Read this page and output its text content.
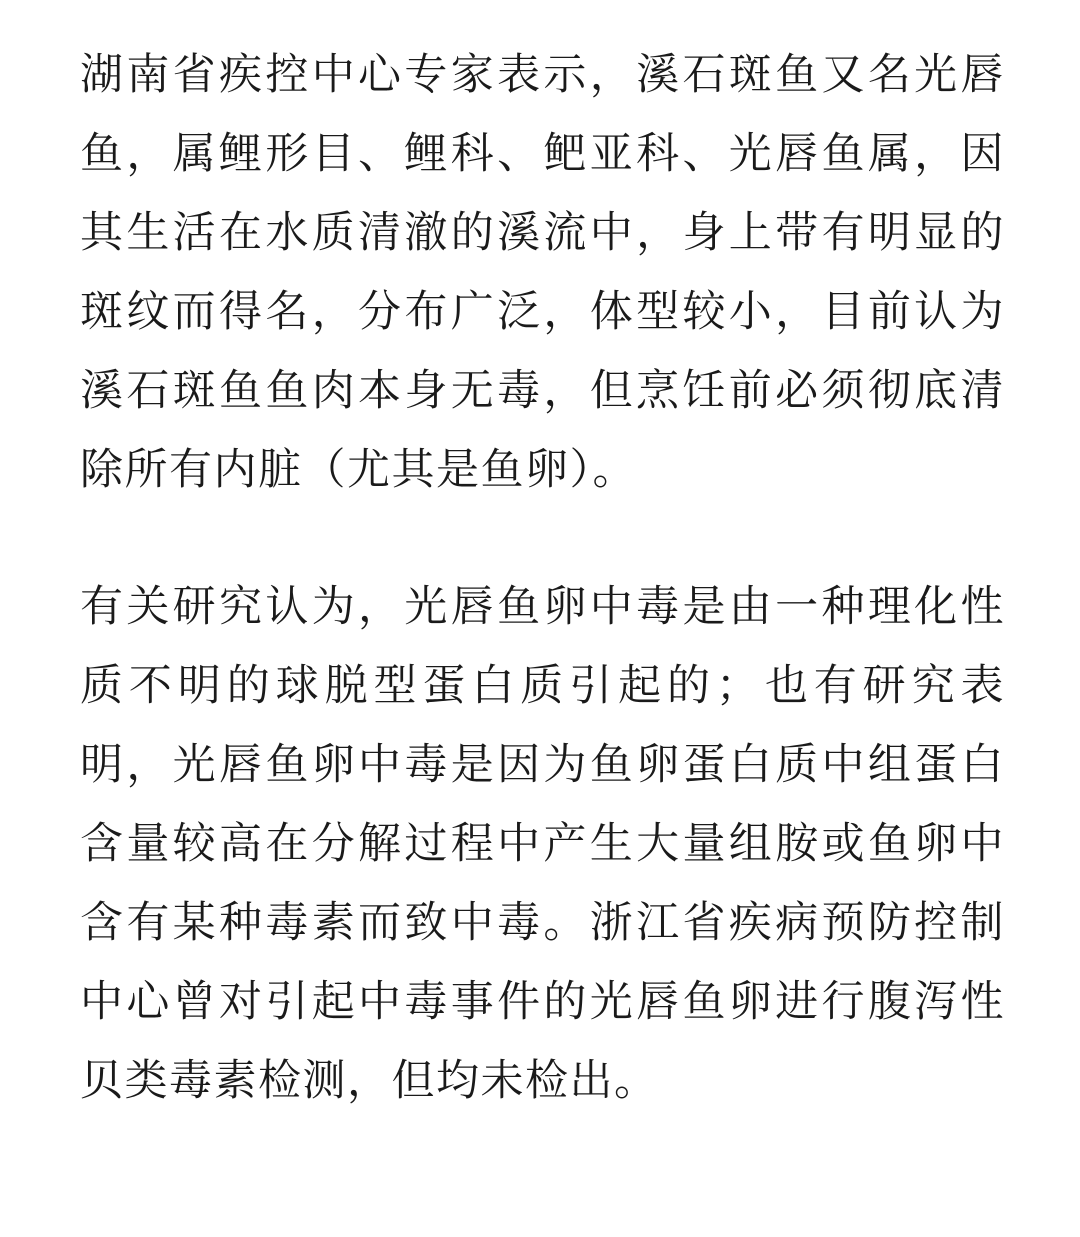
湖南省疾控中心专家表示，溪石斑鱼又名光唇鱼，属鲤形目、鲤科、鲃亚科、光唇鱼属，因其生活在水质清澈的溪流中，身上带有明显的斑纹而得名，分布广泛，体型较小，目前认为溪石斑鱼鱼肉本身无毒，但烹饪前必须彻底清除所有内脏（尤其是鱼卵）。

有关研究认为，光唇鱼卵中毒是由一种理化性质不明的球脱型蛋白质引起的；也有研究表明，光唇鱼卵中毒是因为鱼卵蛋白质中组蛋白含量较高在分解过程中产生大量组胺或鱼卵中含有某种毒素而致中毒。浙江省疾病预防控制中心曾对引起中毒事件的光唇鱼卵进行腹泻性贝类毒素检测，但均未检出。
